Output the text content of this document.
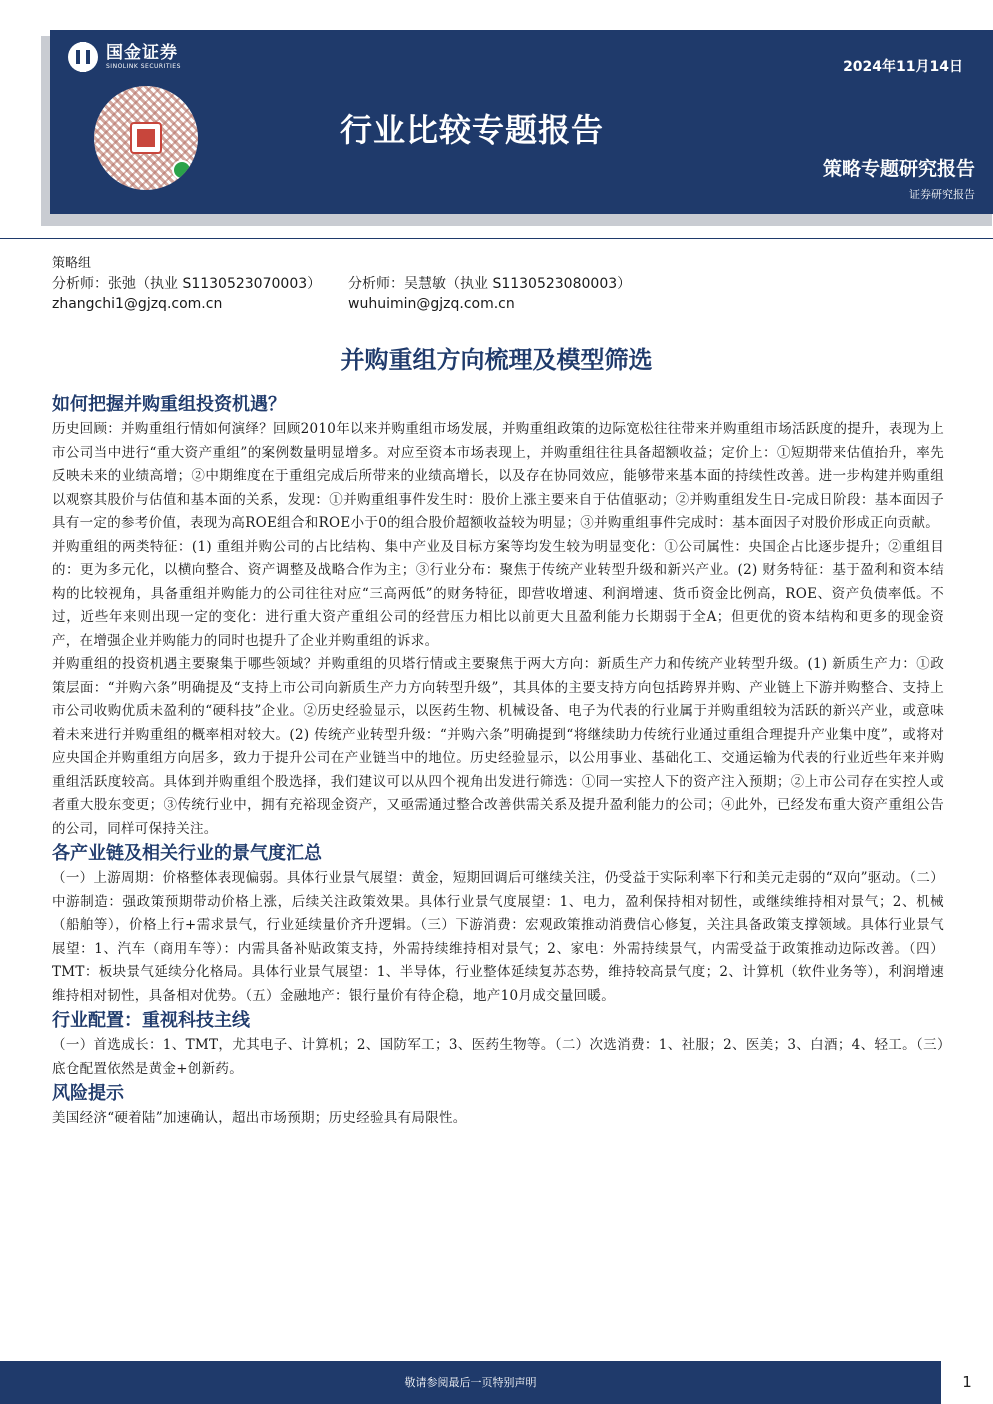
国金证券
SINOLINK SECURITIES	2024年11月14日
行业比较专题报告
策略专题研究报告
证券研究报告
策略组
分析师：张弛（执业 S1130523070003）
zhangchi1@gjzq.com.cn
分析师：吴慧敏（执业 S1130523080003）
wuhuimin@gjzq.com.cn
并购重组方向梳理及模型筛选
如何把握并购重组投资机遇？

历史回顾：并购重组行情如何演绎？回顾2010年以来并购重组市场发展，并购重组政策的边际宽松往往带来并购重组市场活跃度的提升，表现为上市公司当中进行“重大资产重组”的案例数量明显增多。对应至资本市场表现上，并购重组往往具备超额收益；定价上：①短期带来估值抬升，率先反映未来的业绩高增；②中期维度在于重组完成后所带来的业绩高增长，以及存在协同效应，能够带来基本面的持续性改善。进一步构建并购重组以观察其股价与估值和基本面的关系，发现：①并购重组事件发生时：股价上涨主要来自于估值驱动；②并购重组发生日-完成日阶段：基本面因子具有一定的参考价值，表现为高ROE组合和ROE小于0的组合股价超额收益较为明显；③并购重组事件完成时：基本面因子对股价形成正向贡献。

并购重组的两类特征：(1) 重组并购公司的占比结构、集中产业及目标方案等均发生较为明显变化：①公司属性：央国企占比逐步提升；②重组目的：更为多元化，以横向整合、资产调整及战略合作为主；③行业分布：聚焦于传统产业转型升级和新兴产业。(2) 财务特征：基于盈利和资本结构的比较视角，具备重组并购能力的公司往往对应“三高两低”的财务特征，即营收增速、利润增速、货币资金比例高，ROE、资产负债率低。不过，近些年来则出现一定的变化：进行重大资产重组公司的经营压力相比以前更大且盈利能力长期弱于全A；但更优的资本结构和更多的现金资产，在增强企业并购能力的同时也提升了企业并购重组的诉求。

并购重组的投资机遇主要聚集于哪些领域？并购重组的贝塔行情或主要聚焦于两大方向：新质生产力和传统产业转型升级。(1) 新质生产力：①政策层面：“并购六条”明确提及“支持上市公司向新质生产力方向转型升级”，其具体的主要支持方向包括跨界并购、产业链上下游并购整合、支持上市公司收购优质未盈利的“硬科技”企业。②历史经验显示，以医药生物、机械设备、电子为代表的行业属于并购重组较为活跃的新兴产业，或意味着未来进行并购重组的概率相对较大。(2) 传统产业转型升级：“并购六条”明确提到“将继续助力传统行业通过重组合理提升产业集中度”，或将对应央国企并购重组方向居多，致力于提升公司在产业链当中的地位。历史经验显示，以公用事业、基础化工、交通运输为代表的行业近些年来并购重组活跃度较高。具体到并购重组个股选择，我们建议可以从四个视角出发进行筛选：①同一实控人下的资产注入预期；②上市公司存在实控人或者重大股东变更；③传统行业中，拥有充裕现金资产，又亟需通过整合改善供需关系及提升盈利能力的公司；④此外，已经发布重大资产重组公告的公司，同样可保持关注。

各产业链及相关行业的景气度汇总

（一）上游周期：价格整体表现偏弱。具体行业景气展望：黄金，短期回调后可继续关注，仍受益于实际利率下行和美元走弱的“双向”驱动。（二）中游制造：强政策预期带动价格上涨，后续关注政策效果。具体行业景气度展望：1、电力，盈利保持相对韧性，或继续维持相对景气；2、机械（船舶等），价格上行+需求景气，行业延续量价齐升逻辑。（三）下游消费：宏观政策推动消费信心修复，关注具备政策支撑领域。具体行业景气展望：1、汽车（商用车等）：内需具备补贴政策支持，外需持续维持相对景气；2、家电：外需持续景气，内需受益于政策推动边际改善。（四）TMT：板块景气延续分化格局。具体行业景气展望：1、半导体，行业整体延续复苏态势，维持较高景气度；2、计算机（软件业务等），利润增速维持相对韧性，具备相对优势。（五）金融地产：银行量价有待企稳，地产10月成交量回暖。

行业配置：重视科技主线

（一）首选成长：1、TMT，尤其电子、计算机；2、国防军工；3、医药生物等。（二）次选消费：1、社服；2、医美；3、白酒；4、轻工。（三）底仓配置依然是黄金+创新药。

风险提示

美国经济“硬着陆”加速确认，超出市场预期；历史经验具有局限性。

敬请参阅最后一页特别声明	1
